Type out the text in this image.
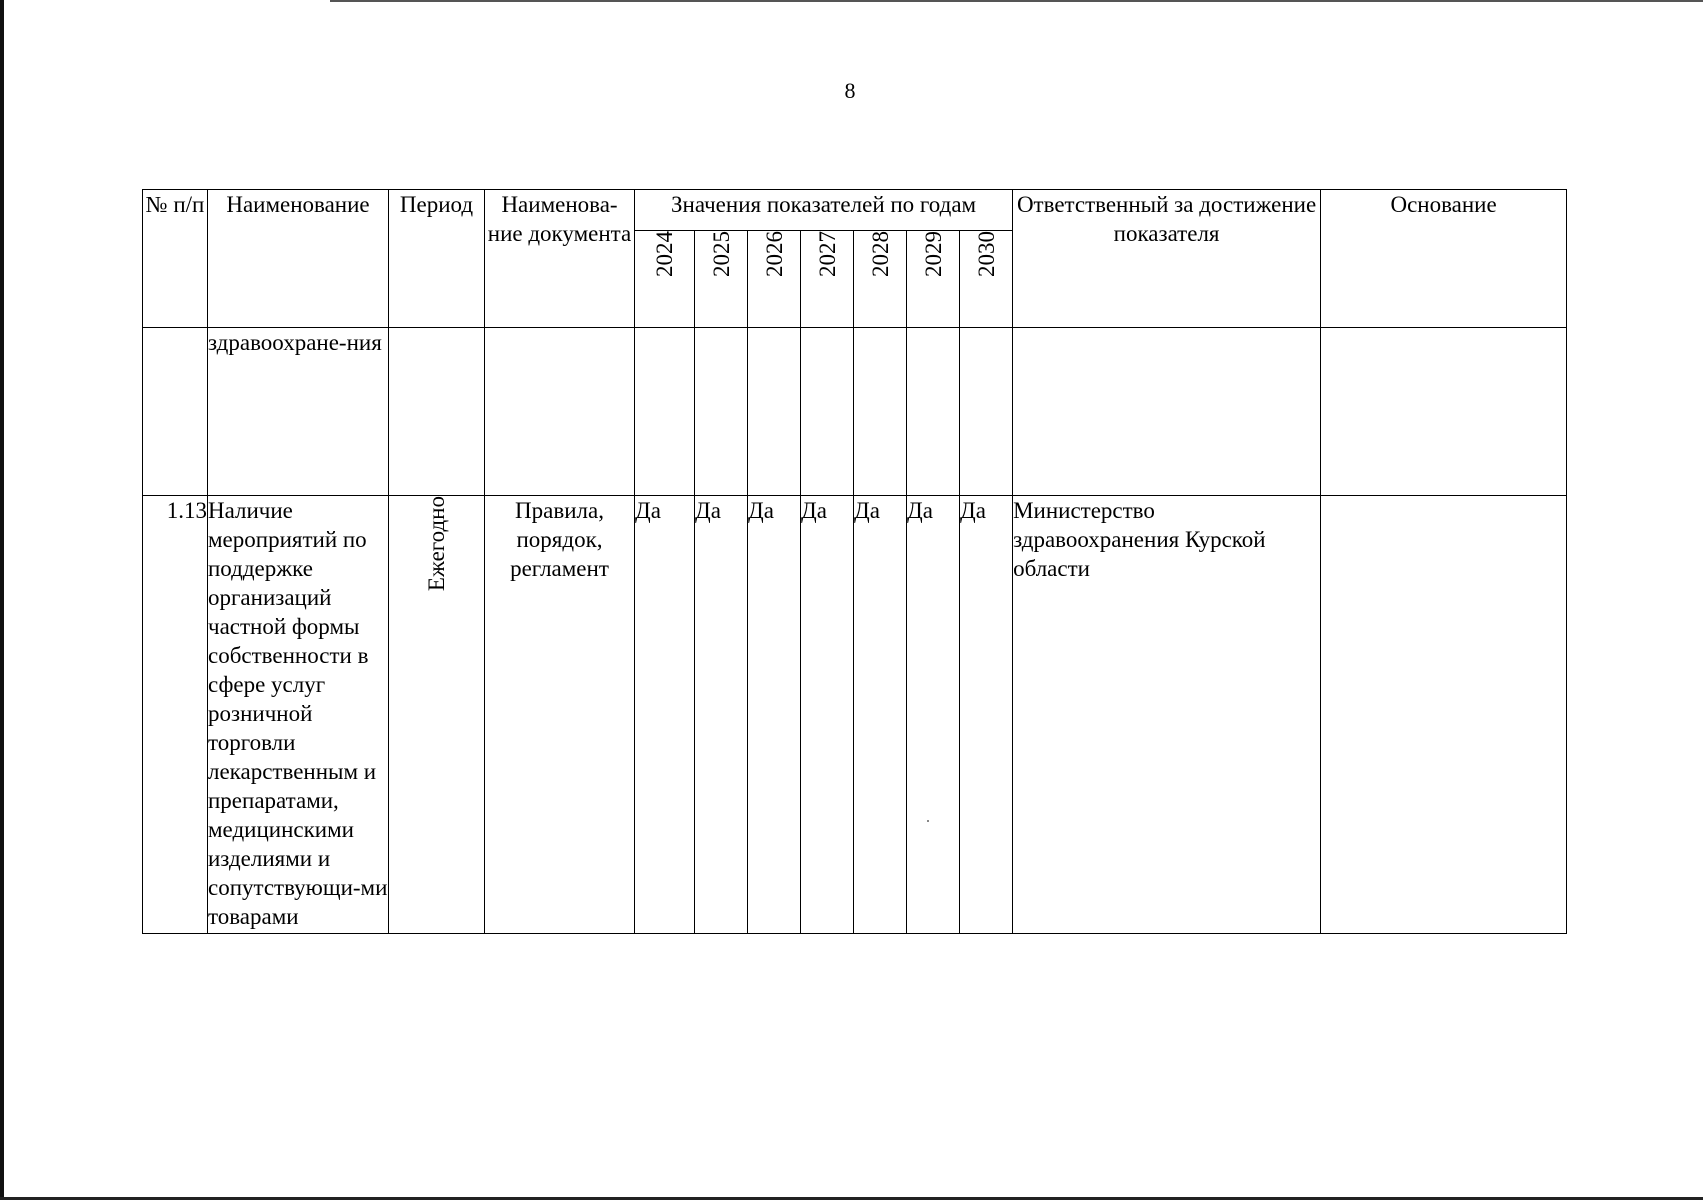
8
№ п/п	Наименование	Период	Наименова-ние документа	Значения показателей по годам							Ответственный за достижение показателя	Основание
				2024	2025	2026	2027	2028	2029	2030		
	здравоохране-ния											
1.13	Наличие мероприятий по поддержке организаций частной формы собственности в сфере услуг розничной торговли лекарственным и препаратами, медицинскими изделиями и сопутствующи-ми товарами	Ежегодно	Правила, порядок, регламент	Да	Да	Да	Да	Да	Да	Да	Министерство здравоохранения Курской области	
